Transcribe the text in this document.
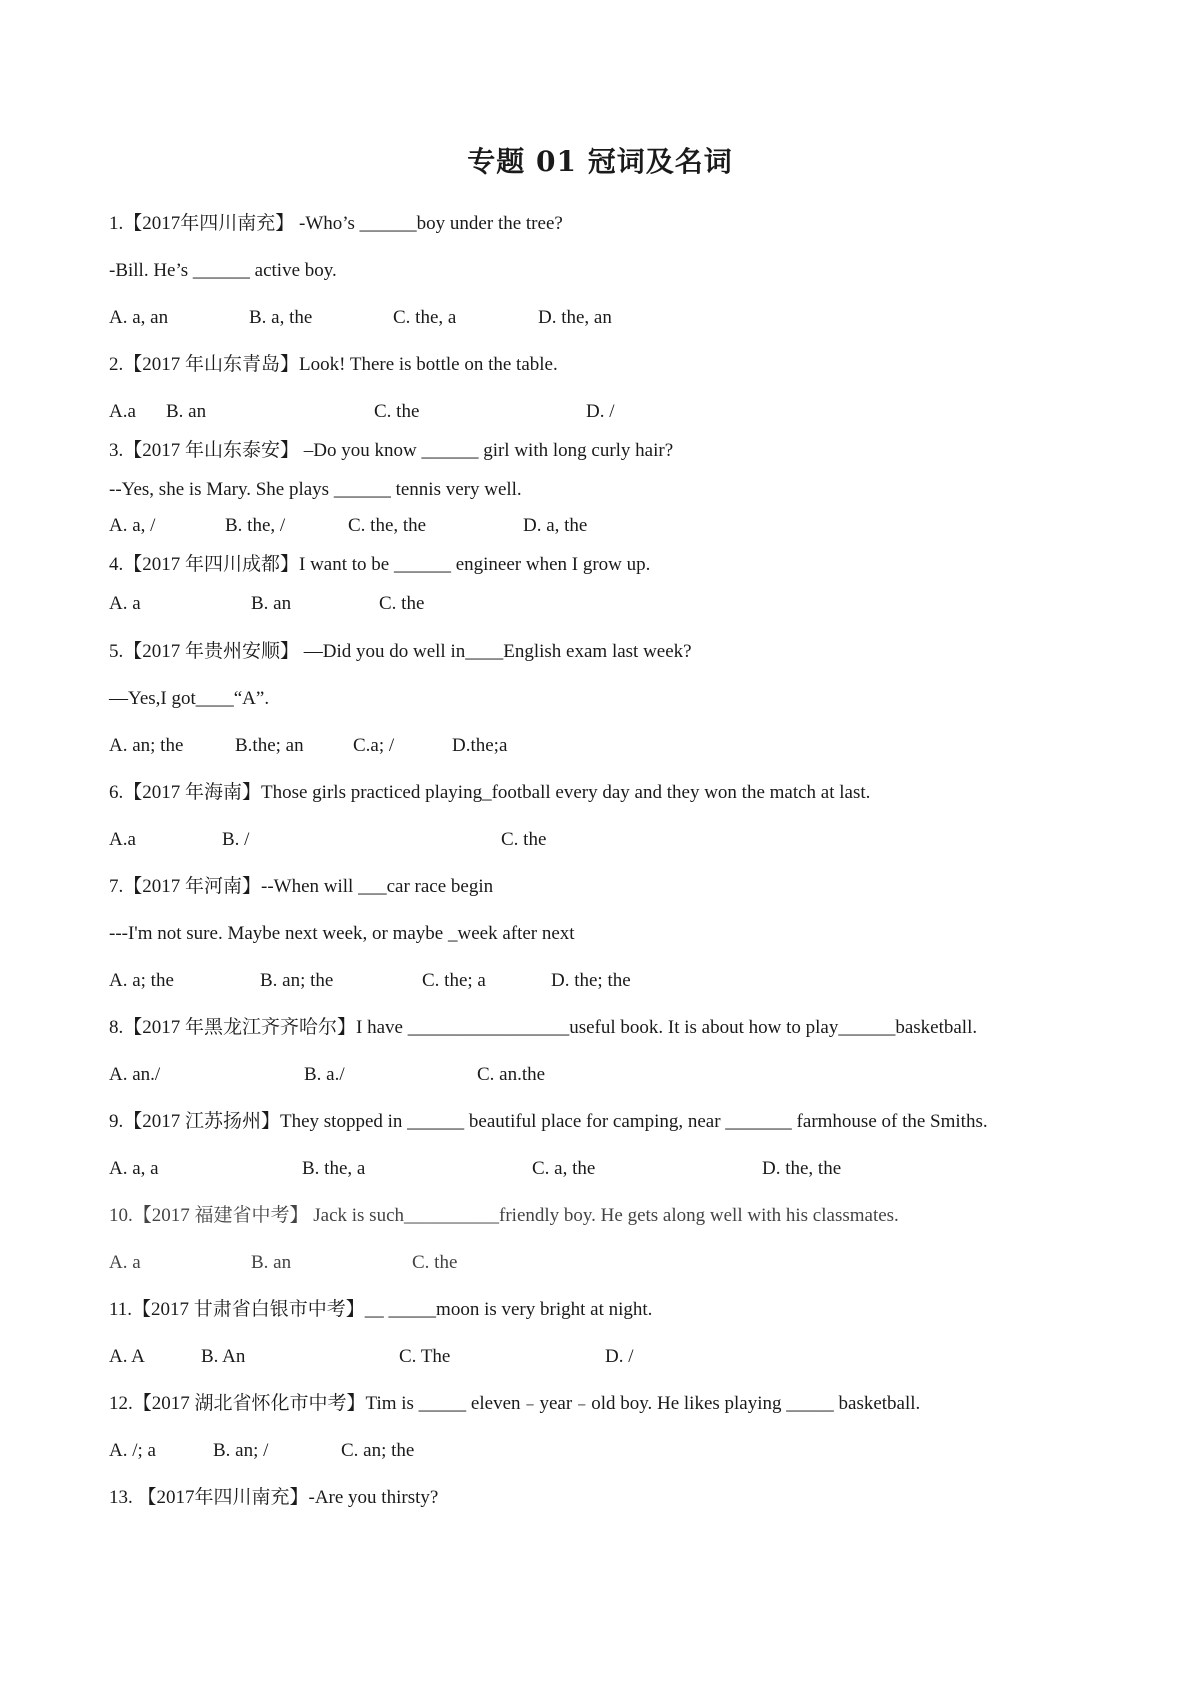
专题 01 冠词及名词
1.【2017年四川南充】 -Who’s ______boy under the tree?
-Bill. He’s ______ active boy.
A. a, an	B. a, the	C. the, a	D. the, an
2.【2017 年山东青岛】Look! There is bottle on the table.
A.a B. an	C. the	D. /
3.【2017 年山东泰安】 –Do you know ______ girl with long curly hair?
--Yes, she is Mary. She plays ______ tennis very well.
A. a, /	B. the, /	C. the, the	D. a, the
4.【2017 年四川成都】I want to be ______ engineer when I grow up.
A. a	B. an	C. the
5.【2017 年贵州安顺】 —Did you do well in____English exam last week?
—Yes,I got____“A”.
A. an; the	B.the; an	C.a; /	D.the;a
6.【2017 年海南】Those girls practiced playing_football every day and they won the match at last.
A.a	B. /	C. the
7.【2017 年河南】--When will ___car race begin
---I'm not sure. Maybe next week, or maybe _week after next
A. a; the	B. an; the	C. the; a	D. the; the
8.【2017 年黑龙江齐齐哈尔】I have _________________useful book. It is about how to play______basketball.
A. an./	B. a./	C. an.the
9.【2017 江苏扬州】They stopped in ______ beautiful place for camping, near _______ farmhouse of the Smiths.
A. a, a	B. the, a	C. a, the	D. the, the
10.【2017 福建省中考】 Jack is such__________friendly boy. He gets along well with his classmates.
A. a	B. an	C. the
11.【2017 甘肃省白银市中考】__ _____moon is very bright at night.
A. A	B. An	C. The	D. /
12.【2017 湖北省怀化市中考】Tim is _____ eleven﹣year﹣old boy. He likes playing _____ basketball.
A. /; a	B. an; /	C. an; the
13. 【2017年四川南充】-Are you thirsty?
